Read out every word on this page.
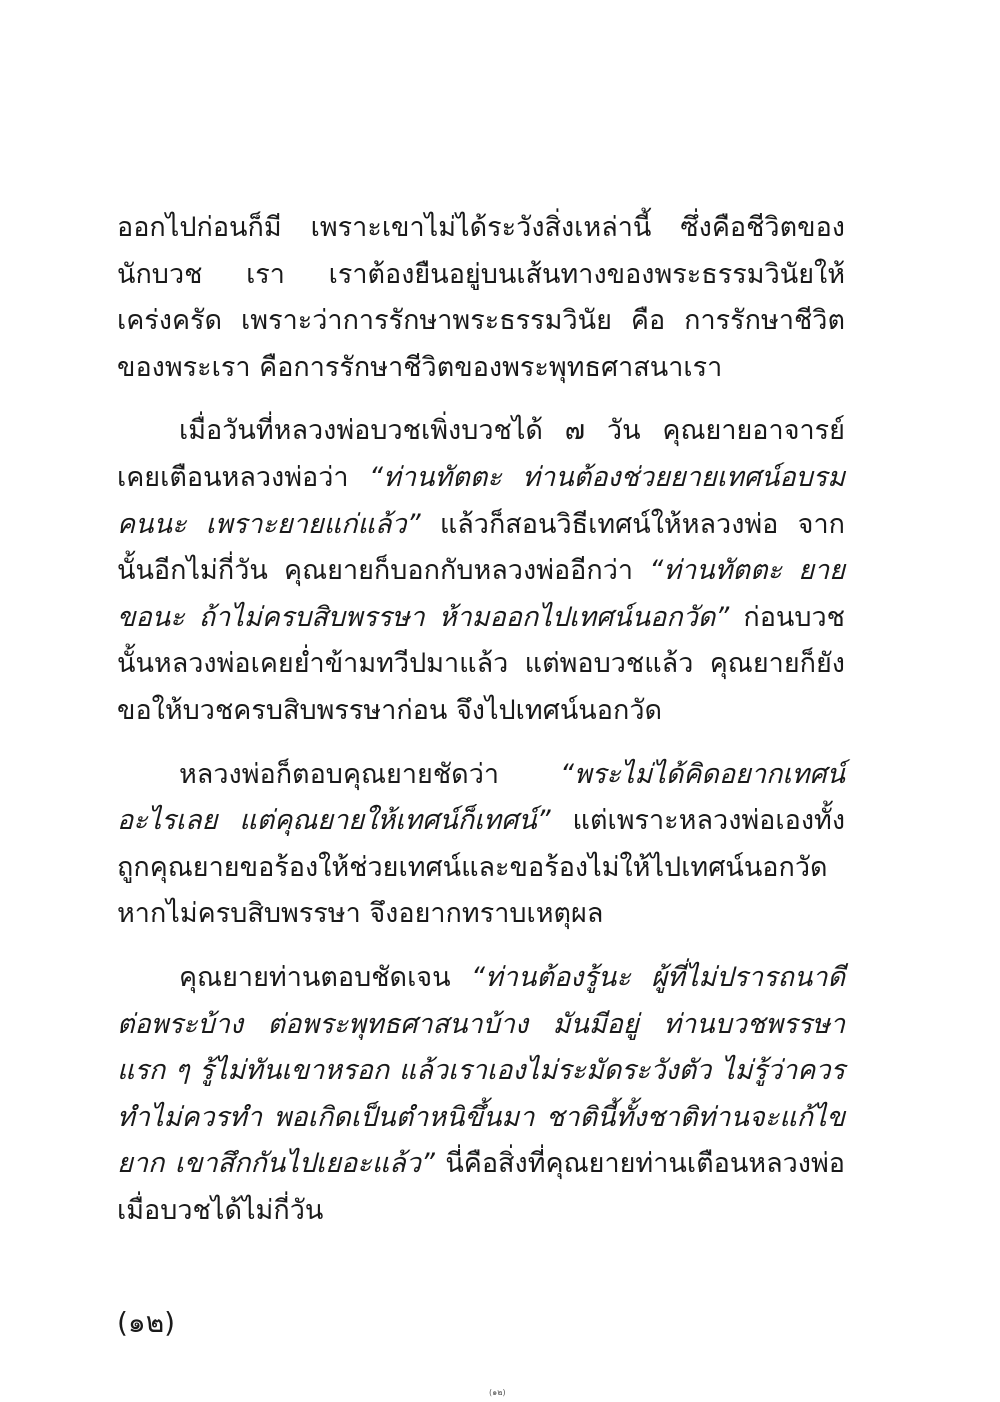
ออกไปก่อนก็มี เพราะเขาไม่ได้ระวังสิ่งเหล่านี้ ซึ่งคือชีวิตของนักบวช เรา เราต้องยืนอยู่บนเส้นทางของพระธรรมวินัยให้เคร่งครัด เพราะว่าการรักษาพระธรรมวินัย คือ การรักษาชีวิตของพระเรา คือการรักษาชีวิตของพระพุทธศาสนาเรา

เมื่อวันที่หลวงพ่อบวชเพิ่งบวชได้ ๗ วัน คุณยายอาจารย์เคยเตือนหลวงพ่อว่า “ท่านทัตตะ ท่านต้องช่วยยายเทศน์อบรมคนนะ เพราะยายแก่แล้ว” แล้วก็สอนวิธีเทศน์ให้หลวงพ่อ จากนั้นอีกไม่กี่วัน คุณยายก็บอกกับหลวงพ่ออีกว่า “ท่านทัตตะ ยายขอนะ ถ้าไม่ครบสิบพรรษา ห้ามออกไปเทศน์นอกวัด” ก่อนบวชนั้นหลวงพ่อเคยย่ำข้ามทวีปมาแล้ว แต่พอบวชแล้ว คุณยายก็ยังขอให้บวชครบสิบพรรษาก่อน จึงไปเทศน์นอกวัด

หลวงพ่อก็ตอบคุณยายชัดว่า “พระไม่ได้คิดอยากเทศน์อะไรเลย แต่คุณยายให้เทศน์ก็เทศน์” แต่เพราะหลวงพ่อเองทั้งถูกคุณยายขอร้องให้ช่วยเทศน์และขอร้องไม่ให้ไปเทศน์นอกวัด หากไม่ครบสิบพรรษา จึงอยากทราบเหตุผล

คุณยายท่านตอบชัดเจน “ท่านต้องรู้นะ ผู้ที่ไม่ปรารถนาดีต่อพระบ้าง ต่อพระพุทธศาสนาบ้าง มันมีอยู่ ท่านบวชพรรษาแรก ๆ รู้ไม่ทันเขาหรอก แล้วเราเองไม่ระมัดระวังตัว ไม่รู้ว่าควรทำไม่ควรทำ พอเกิดเป็นตำหนิขึ้นมา ชาตินี้ทั้งชาติท่านจะแก้ไขยาก เขาสึกกันไปเยอะแล้ว” นี่คือสิ่งที่คุณยายท่านเตือนหลวงพ่อเมื่อบวชได้ไม่กี่วัน

(๑๒)
(๑๒)
